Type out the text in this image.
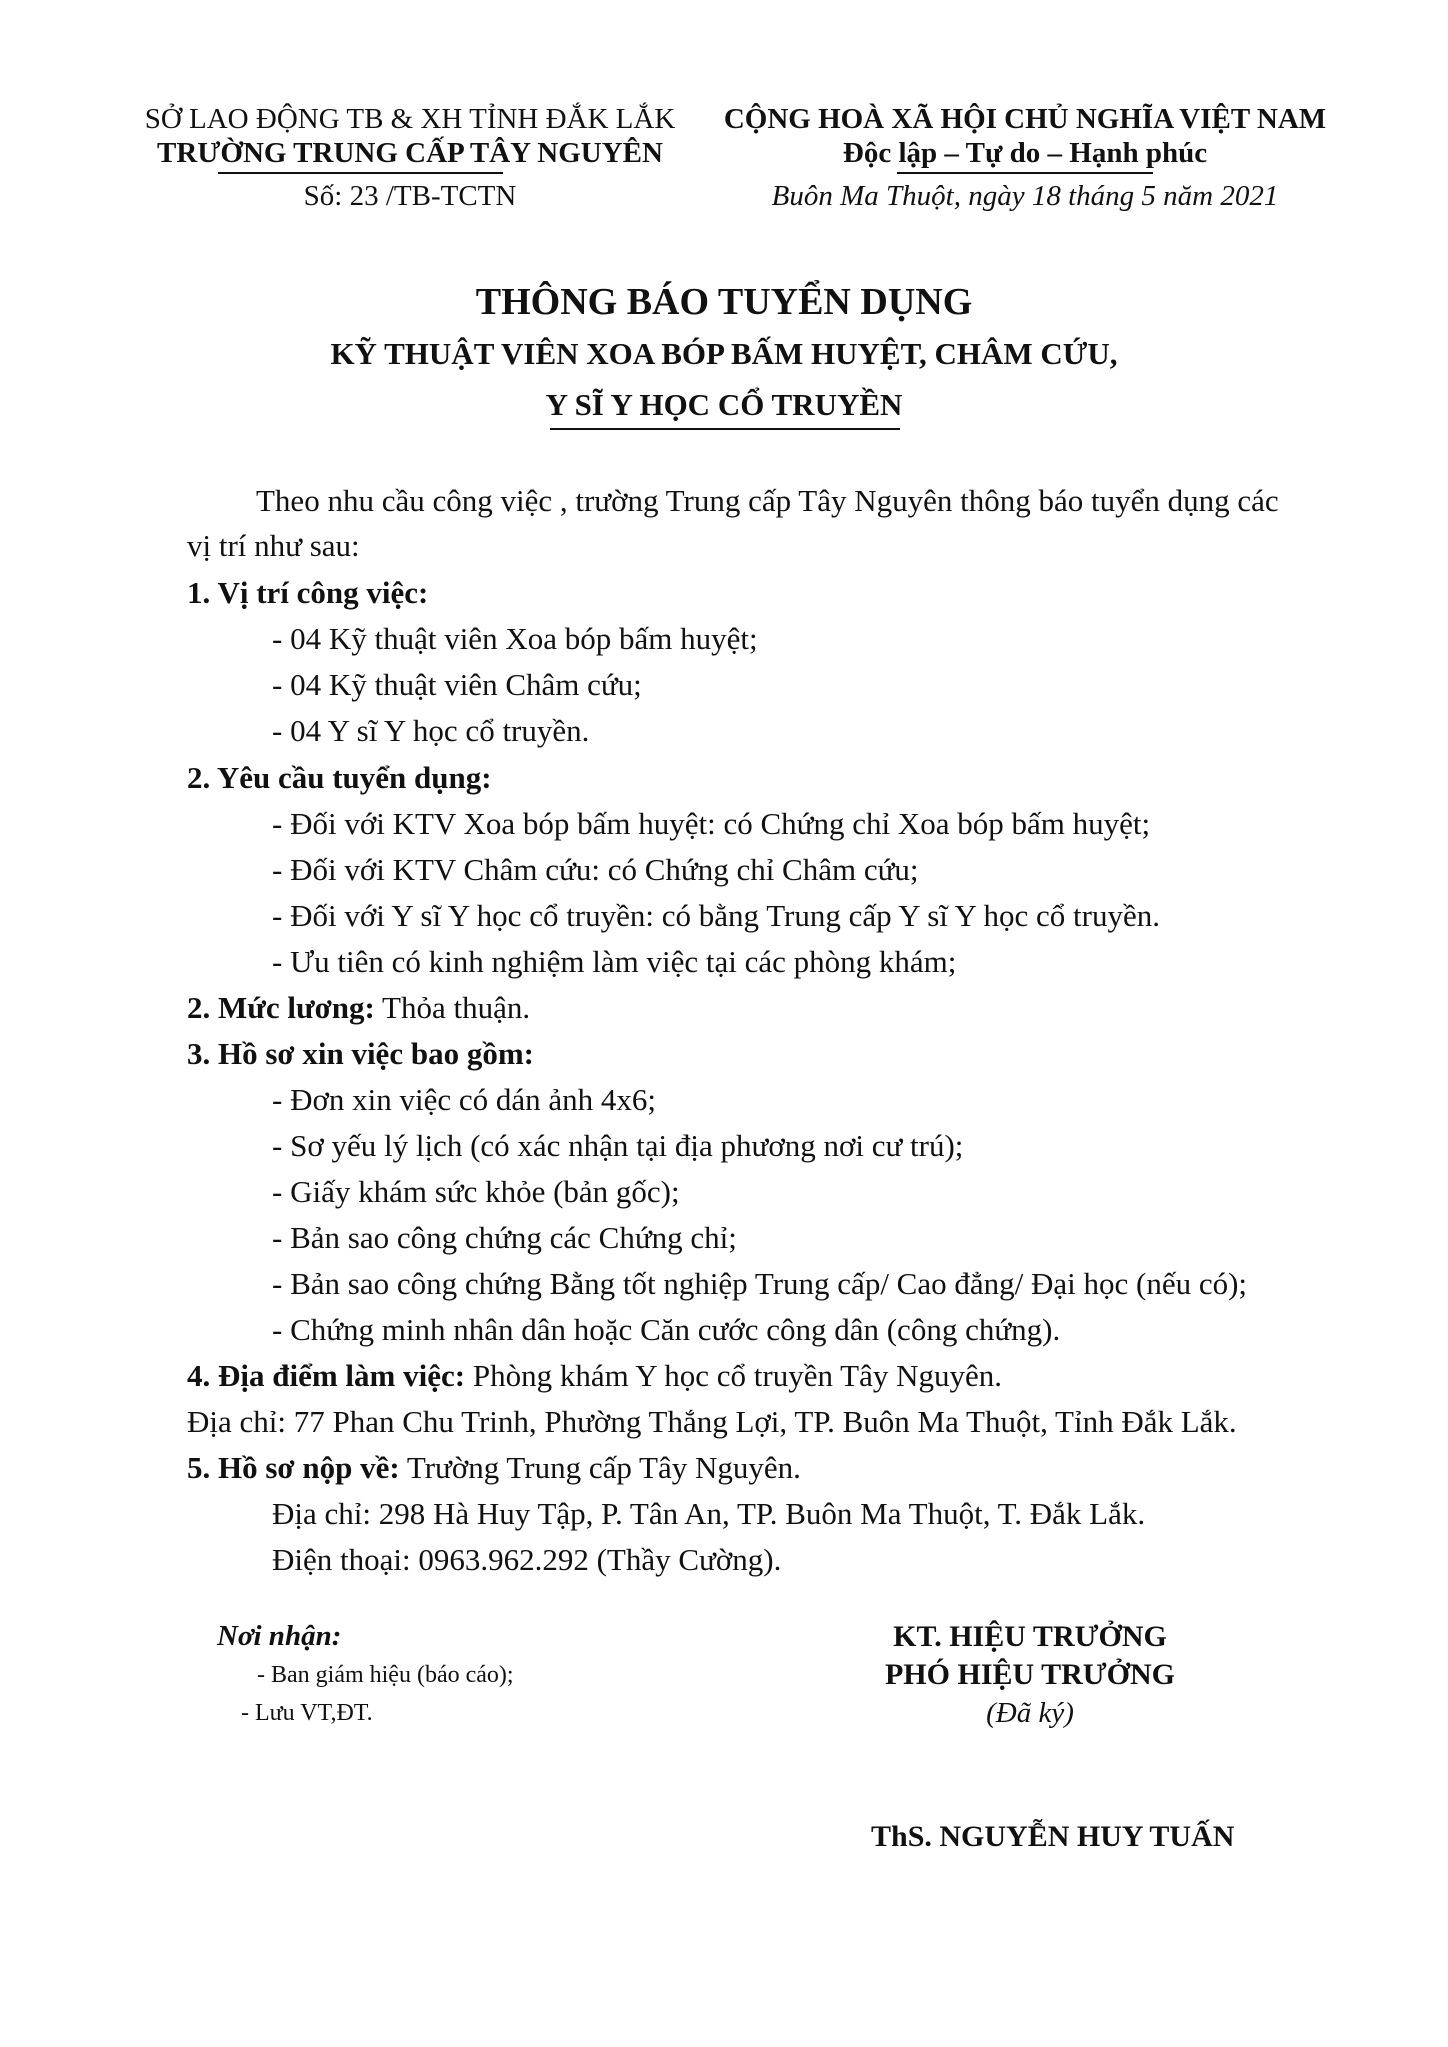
SỞ LAO ĐỘNG TB & XH TỈNH ĐẮK LẮK
TRƯỜNG TRUNG CẤP TÂY NGUYÊN
Số: 23 /TB-TCTN
CỘNG HOÀ XÃ HỘI CHỦ NGHĨA VIỆT NAM
Độc lập – Tự do – Hạnh phúc
Buôn Ma Thuột, ngày 18 tháng 5 năm 2021
THÔNG BÁO TUYỂN DỤNG
KỸ THUẬT VIÊN XOA BÓP BẤM HUYỆT, CHÂM CỨU,
Y SĨ Y HỌC CỔ TRUYỀN
Theo nhu cầu công việc , trường Trung cấp Tây Nguyên thông báo tuyển dụng các
vị trí như sau:
1. Vị trí công việc:
- 04 Kỹ thuật viên Xoa bóp bấm huyệt;
- 04 Kỹ thuật viên Châm cứu;
- 04 Y sĩ Y học cổ truyền.
2. Yêu cầu tuyển dụng:
- Đối với KTV Xoa bóp bấm huyệt: có Chứng chỉ Xoa bóp bấm huyệt;
- Đối với KTV Châm cứu: có Chứng chỉ Châm cứu;
- Đối với Y sĩ Y học cổ truyền: có bằng Trung cấp Y sĩ Y học cổ truyền.
- Ưu tiên có kinh nghiệm làm việc tại các phòng khám;
2. Mức lương: Thỏa thuận.
3. Hồ sơ xin việc bao gồm:
- Đơn xin việc có dán ảnh 4x6;
- Sơ yếu lý lịch (có xác nhận tại địa phương nơi cư trú);
- Giấy khám sức khỏe (bản gốc);
- Bản sao công chứng các Chứng chỉ;
- Bản sao công chứng Bằng tốt nghiệp Trung cấp/ Cao đẳng/ Đại học (nếu có);
- Chứng minh nhân dân hoặc Căn cước công dân (công chứng).
4. Địa điểm làm việc: Phòng khám Y học cổ truyền Tây Nguyên.
Địa chỉ: 77 Phan Chu Trinh, Phường Thắng Lợi, TP. Buôn Ma Thuột, Tỉnh Đắk Lắk.
5. Hồ sơ nộp về: Trường Trung cấp Tây Nguyên.
Địa chỉ: 298 Hà Huy Tập, P. Tân An, TP. Buôn Ma Thuột, T. Đắk Lắk.
Điện thoại: 0963.962.292 (Thầy Cường).
Nơi nhận:
- Ban giám hiệu (báo cáo);
- Lưu VT,ĐT.
KT. HIỆU TRƯỞNG
PHÓ HIỆU TRƯỞNG
(Đã ký)
ThS. NGUYỄN HUY TUẤN
